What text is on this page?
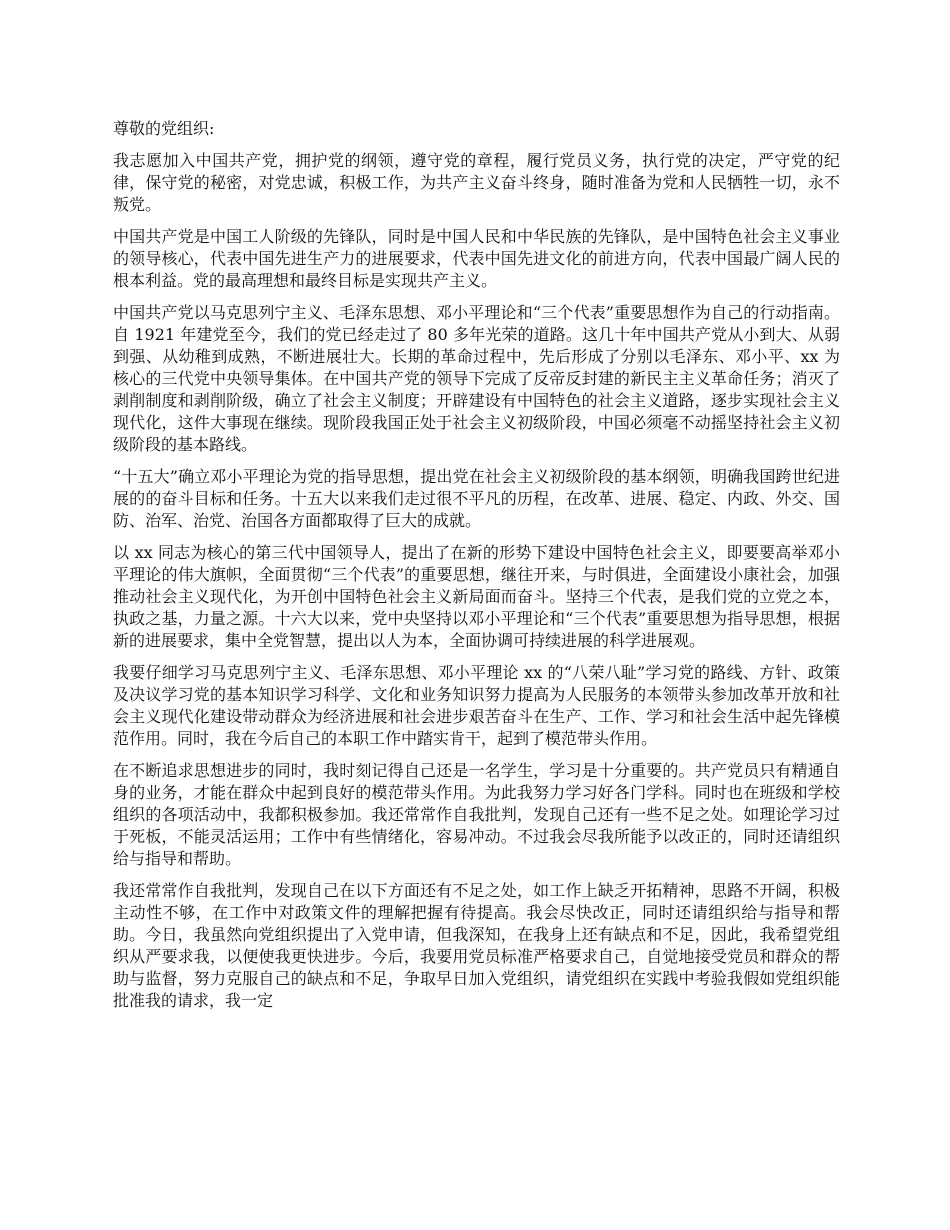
尊敬的党组织:

我志愿加入中国共产党，拥护党的纲领，遵守党的章程，履行党员义务，执行党的决定，严守党的纪律，保守党的秘密，对党忠诚，积极工作，为共产主义奋斗终身，随时准备为党和人民牺牲一切，永不叛党。

中国共产党是中国工人阶级的先锋队，同时是中国人民和中华民族的先锋队，是中国特色社会主义事业的领导核心，代表中国先进生产力的进展要求，代表中国先进文化的前进方向，代表中国最广阔人民的根本利益。党的最高理想和最终目标是实现共产主义。

中国共产党以马克思列宁主义、毛泽东思想、邓小平理论和“三个代表”重要思想作为自己的行动指南。自 1921 年建党至今，我们的党已经走过了 80 多年光荣的道路。这几十年中国共产党从小到大、从弱到强、从幼稚到成熟，不断进展壮大。长期的革命过程中，先后形成了分别以毛泽东、邓小平、xx 为核心的三代党中央领导集体。在中国共产党的领导下完成了反帝反封建的新民主主义革命任务；消灭了剥削制度和剥削阶级，确立了社会主义制度；开辟建设有中国特色的社会主义道路，逐步实现社会主义现代化，这件大事现在继续。现阶段我国正处于社会主义初级阶段，中国必须毫不动摇坚持社会主义初级阶段的基本路线。

“十五大”确立邓小平理论为党的指导思想，提出党在社会主义初级阶段的基本纲领，明确我国跨世纪进展的的奋斗目标和任务。十五大以来我们走过很不平凡的历程，在改革、进展、稳定、内政、外交、国防、治军、治党、治国各方面都取得了巨大的成就。

以 xx 同志为核心的第三代中国领导人，提出了在新的形势下建设中国特色社会主义，即要要高举邓小平理论的伟大旗帜，全面贯彻“三个代表”的重要思想，继往开来，与时俱进，全面建设小康社会，加强推动社会主义现代化，为开创中国特色社会主义新局面而奋斗。坚持三个代表，是我们党的立党之本，执政之基，力量之源。十六大以来，党中央坚持以邓小平理论和“三个代表”重要思想为指导思想，根据新的进展要求，集中全党智慧，提出以人为本，全面协调可持续进展的科学进展观。

我要仔细学习马克思列宁主义、毛泽东思想、邓小平理论 xx 的“八荣八耻”学习党的路线、方针、政策及决议学习党的基本知识学习科学、文化和业务知识努力提高为人民服务的本领带头参加改革开放和社会主义现代化建设带动群众为经济进展和社会进步艰苦奋斗在生产、工作、学习和社会生活中起先锋模范作用。同时，我在今后自己的本职工作中踏实肯干，起到了模范带头作用。

在不断追求思想进步的同时，我时刻记得自己还是一名学生，学习是十分重要的。共产党员只有精通自身的业务，才能在群众中起到良好的模范带头作用。为此我努力学习好各门学科。同时也在班级和学校组织的各项活动中，我都积极参加。我还常常作自我批判，发现自己还有一些不足之处。如理论学习过于死板，不能灵活运用；工作中有些情绪化，容易冲动。不过我会尽我所能予以改正的，同时还请组织给与指导和帮助。

我还常常作自我批判，发现自己在以下方面还有不足之处，如工作上缺乏开拓精神，思路不开阔，积极主动性不够，在工作中对政策文件的理解把握有待提高。我会尽快改正，同时还请组织给与指导和帮助。今日，我虽然向党组织提出了入党申请，但我深知，在我身上还有缺点和不足，因此，我希望党组织从严要求我，以便使我更快进步。今后，我要用党员标准严格要求自己，自觉地接受党员和群众的帮助与监督，努力克服自己的缺点和不足，争取早日加入党组织，请党组织在实践中考验我假如党组织能批准我的请求，我一定
